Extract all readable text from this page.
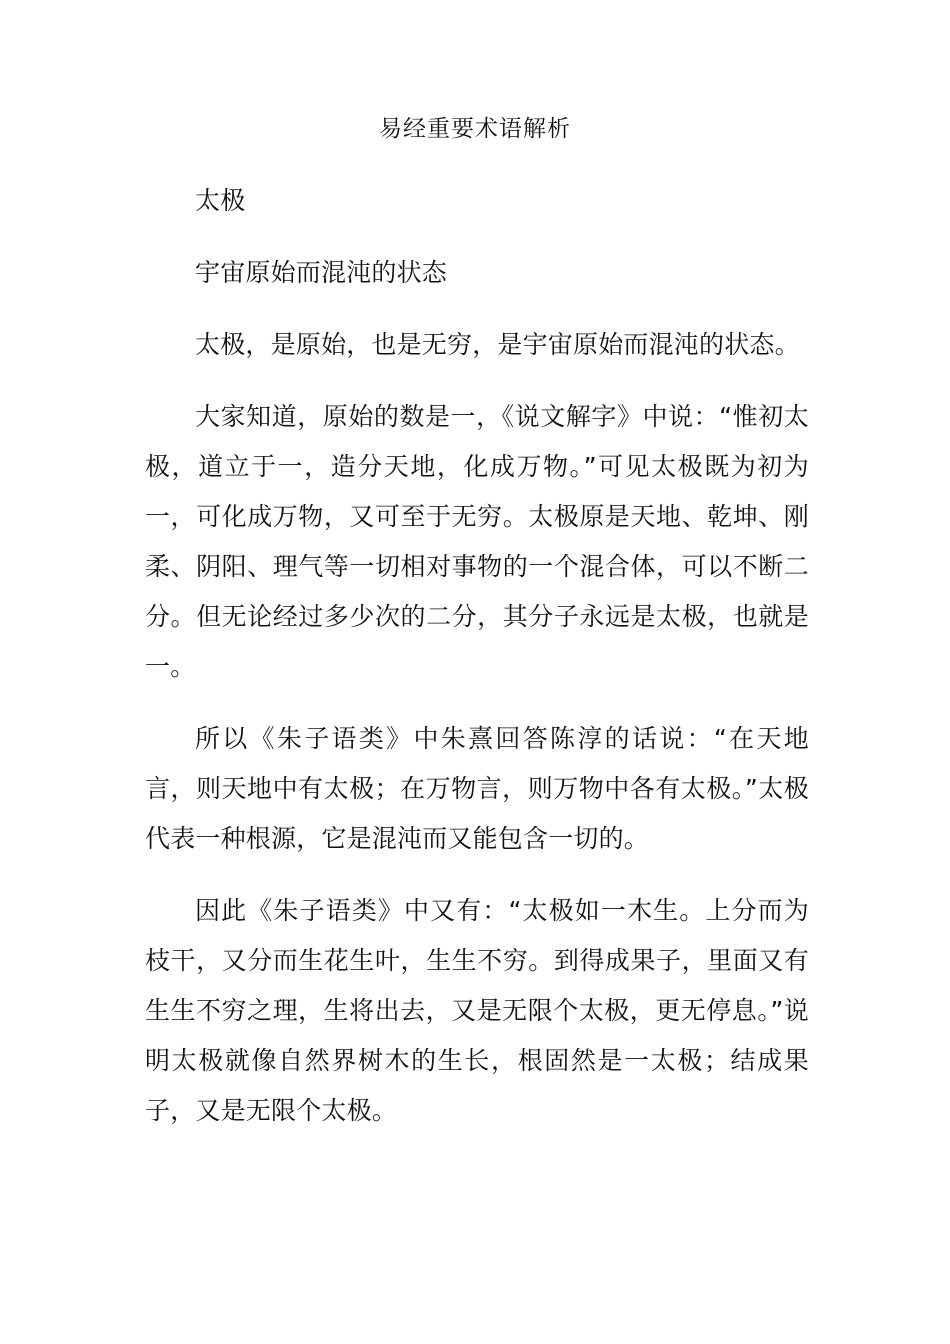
易经重要术语解析

太极

宇宙原始而混沌的状态

太极，是原始，也是无穷，是宇宙原始而混沌的状态。

大家知道，原始的数是一，《说文解字》中说：“惟初太极，道立于一，造分天地，化成万物。”可见太极既为初为一，可化成万物，又可至于无穷。太极原是天地、乾坤、刚柔、阴阳、理气等一切相对事物的一个混合体，可以不断二分。但无论经过多少次的二分，其分子永远是太极，也就是一。

所以《朱子语类》中朱熹回答陈淳的话说：“在天地言，则天地中有太极；在万物言，则万物中各有太极。”太极代表一种根源，它是混沌而又能包含一切的。

因此《朱子语类》中又有：“太极如一木生。上分而为枝干，又分而生花生叶，生生不穷。到得成果子，里面又有生生不穷之理，生将出去，又是无限个太极，更无停息。”说明太极就像自然界树木的生长，根固然是一太极；结成果子，又是无限个太极。
